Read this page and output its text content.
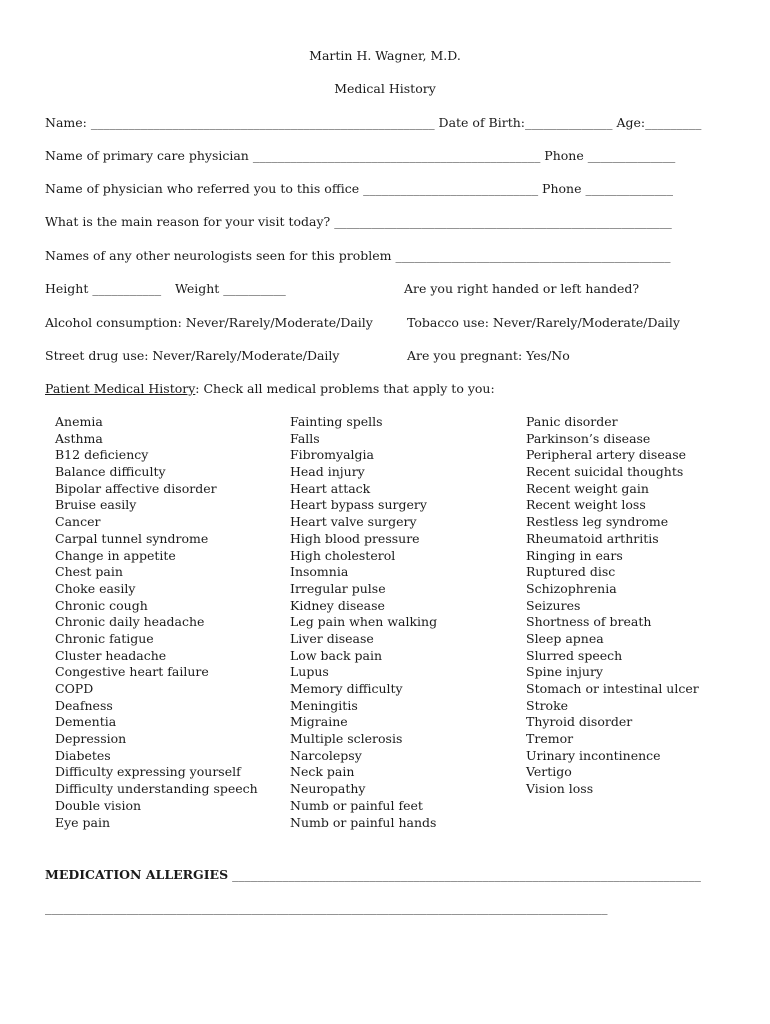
Martin H. Wagner, M.D.
Medical History
Name: _______________________________________________________ Date of Birth:______________ Age:_________
Name of primary care physician ______________________________________________ Phone ______________
Name of physician who referred you to this office ____________________________ Phone ______________
What is the main reason for your visit today? ______________________________________________________
Names of any other neurologists seen for this problem ____________________________________________
Height ___________ Weight __________	Are you right handed or left handed?
Alcohol consumption: Never/Rarely/Moderate/Daily	Tobacco use: Never/Rarely/Moderate/Daily
Street drug use: Never/Rarely/Moderate/Daily	Are you pregnant: Yes/No
Patient Medical History: Check all medical problems that apply to you:
Anemia
Asthma
B12 deficiency
Balance difficulty
Bipolar affective disorder
Bruise easily
Cancer
Carpal tunnel syndrome
Change in appetite
Chest pain
Choke easily
Chronic cough
Chronic daily headache
Chronic fatigue
Cluster headache
Congestive heart failure
COPD
Deafness
Dementia
Depression
Diabetes
Difficulty expressing yourself
Difficulty understanding speech
Double vision
Eye pain
Fainting spells
Falls
Fibromyalgia
Head injury
Heart attack
Heart bypass surgery
Heart valve surgery
High blood pressure
High cholesterol
Insomnia
Irregular pulse
Kidney disease
Leg pain when walking
Liver disease
Low back pain
Lupus
Memory difficulty
Meningitis
Migraine
Multiple sclerosis
Narcolepsy
Neck pain
Neuropathy
Numb or painful feet
Numb or painful hands
Panic disorder
Parkinson’s disease
Peripheral artery disease
Recent suicidal thoughts
Recent weight gain
Recent weight loss
Restless leg syndrome
Rheumatoid arthritis
Ringing in ears
Ruptured disc
Schizophrenia
Seizures
Shortness of breath
Sleep apnea
Slurred speech
Spine injury
Stomach or intestinal ulcer
Stroke
Thyroid disorder
Tremor
Urinary incontinence
Vertigo
Vision loss
MEDICATION ALLERGIES ___________________________________________________________________________
__________________________________________________________________________________________
